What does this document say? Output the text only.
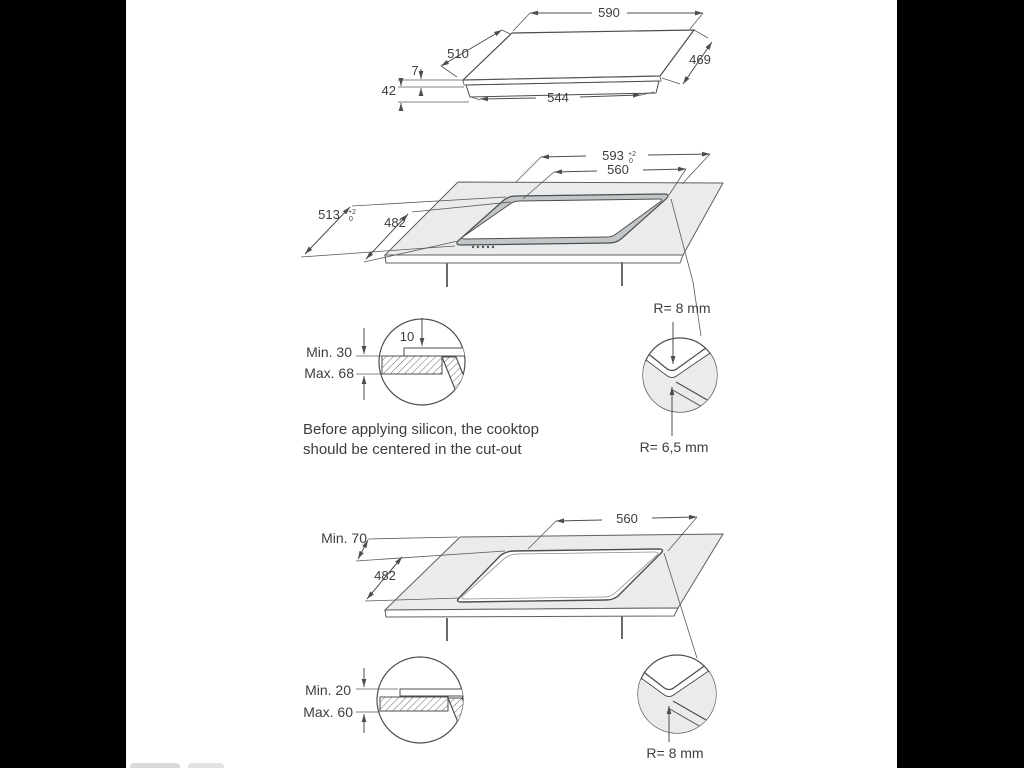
590
510	469
7
42	544
593 +2
0
560
513 +2
0 482
10
Min. 30
Max. 68
R= 8 mm
R= 6,5 mm
Before applying silicon, the cooktop
should be centered in the cut-out
560
Min. 70
482
Min. 20
Max. 60
R= 8 mm
